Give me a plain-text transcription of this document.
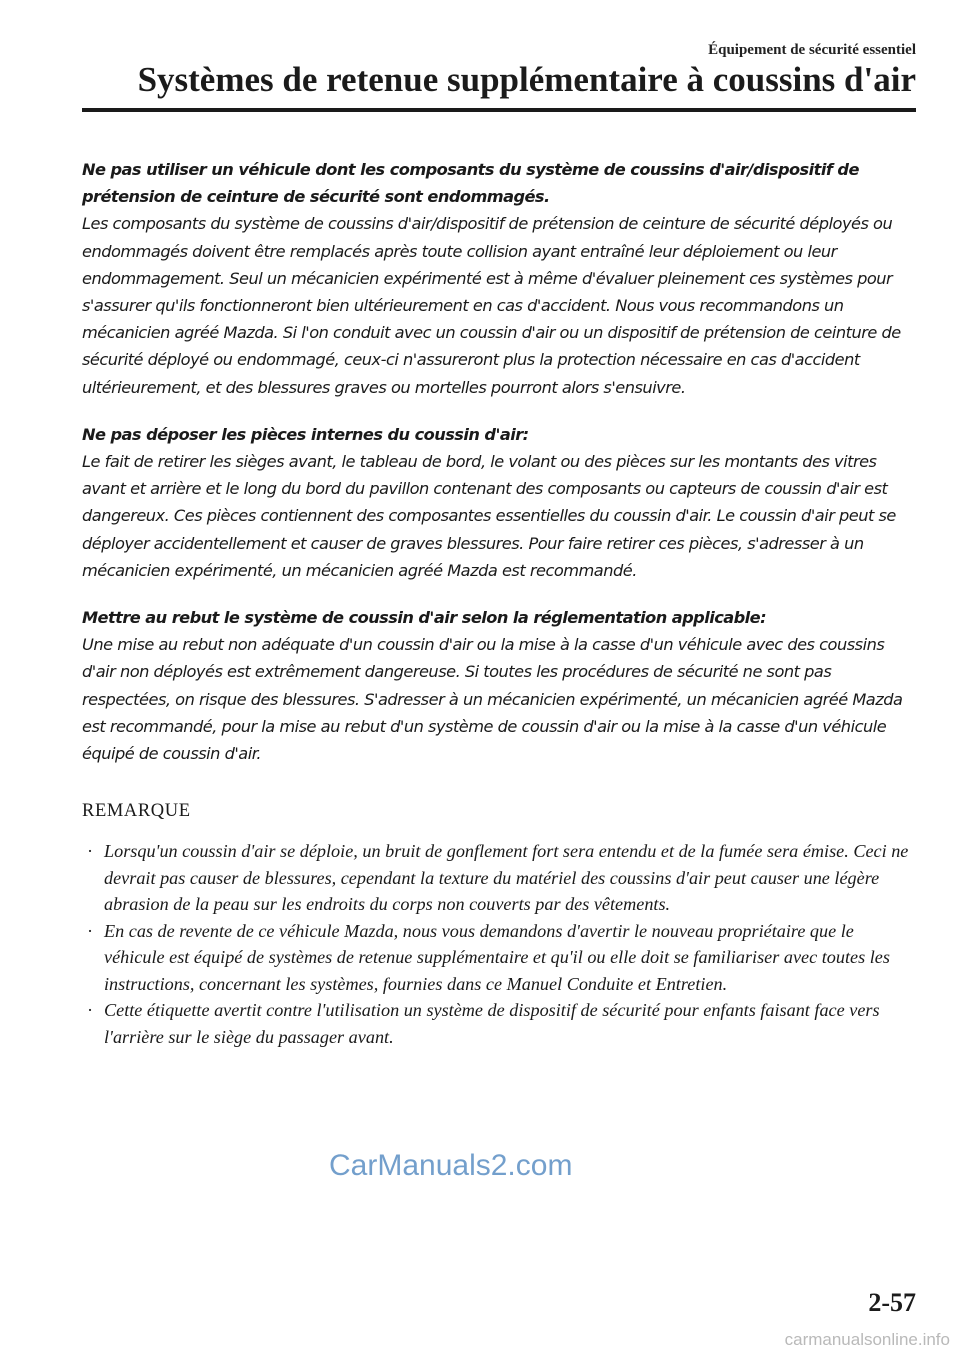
Équipement de sécurité essentiel
Systèmes de retenue supplémentaire à coussins d'air
Ne pas utiliser un véhicule dont les composants du système de coussins d'air/dispositif de prétension de ceinture de sécurité sont endommagés.
Les composants du système de coussins d'air/dispositif de prétension de ceinture de sécurité déployés ou endommagés doivent être remplacés après toute collision ayant entraîné leur déploiement ou leur endommagement. Seul un mécanicien expérimenté est à même d'évaluer pleinement ces systèmes pour s'assurer qu'ils fonctionneront bien ultérieurement en cas d'accident. Nous vous recommandons un mécanicien agréé Mazda. Si l'on conduit avec un coussin d'air ou un dispositif de prétension de ceinture de sécurité déployé ou endommagé, ceux-ci n'assureront plus la protection nécessaire en cas d'accident ultérieurement, et des blessures graves ou mortelles pourront alors s'ensuivre.
Ne pas déposer les pièces internes du coussin d'air:
Le fait de retirer les sièges avant, le tableau de bord, le volant ou des pièces sur les montants des vitres avant et arrière et le long du bord du pavillon contenant des composants ou capteurs de coussin d'air est dangereux. Ces pièces contiennent des composantes essentielles du coussin d'air. Le coussin d'air peut se déployer accidentellement et causer de graves blessures. Pour faire retirer ces pièces, s'adresser à un mécanicien expérimenté, un mécanicien agréé Mazda est recommandé.
Mettre au rebut le système de coussin d'air selon la réglementation applicable:
Une mise au rebut non adéquate d'un coussin d'air ou la mise à la casse d'un véhicule avec des coussins d'air non déployés est extrêmement dangereuse. Si toutes les procédures de sécurité ne sont pas respectées, on risque des blessures. S'adresser à un mécanicien expérimenté, un mécanicien agréé Mazda est recommandé, pour la mise au rebut d'un système de coussin d'air ou la mise à la casse d'un véhicule équipé de coussin d'air.
REMARQUE
· Lorsqu'un coussin d'air se déploie, un bruit de gonflement fort sera entendu et de la fumée sera émise. Ceci ne devrait pas causer de blessures, cependant la texture du matériel des coussins d'air peut causer une légère abrasion de la peau sur les endroits du corps non couverts par des vêtements.
· En cas de revente de ce véhicule Mazda, nous vous demandons d'avertir le nouveau propriétaire que le véhicule est équipé de systèmes de retenue supplémentaire et qu'il ou elle doit se familiariser avec toutes les instructions, concernant les systèmes, fournies dans ce Manuel Conduite et Entretien.
· Cette étiquette avertit contre l'utilisation un système de dispositif de sécurité pour enfants faisant face vers l'arrière sur le siège du passager avant.
CarManuals2.com
2-57
carmanualsonline.info
